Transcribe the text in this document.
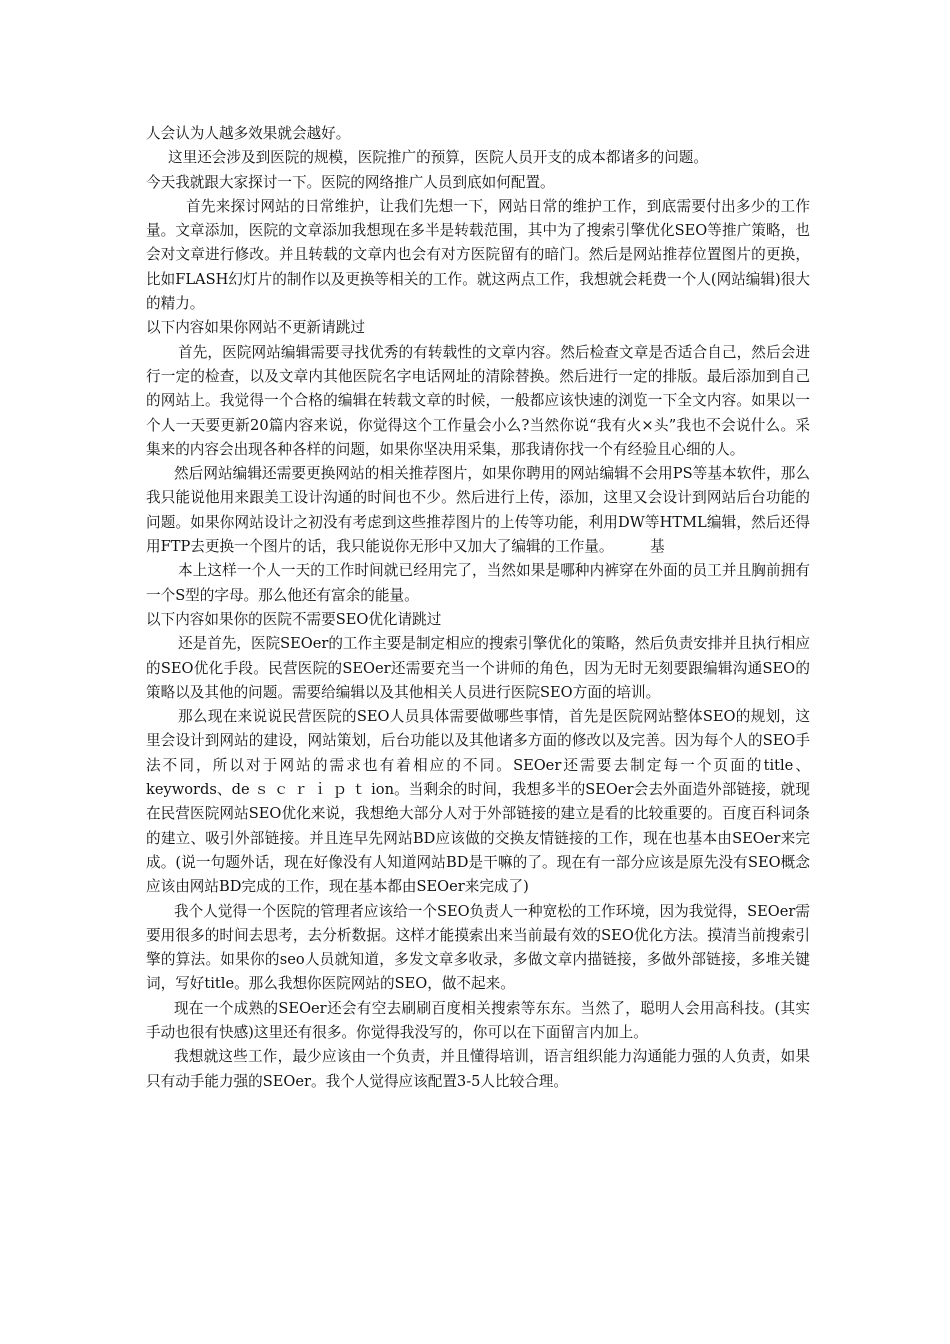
人会认为人越多效果就会越好。

这里还会涉及到医院的规模，医院推广的预算，医院人员开支的成本都诸多的问题。

今天我就跟大家探讨一下。医院的网络推广人员到底如何配置。

首先来探讨网站的日常维护，让我们先想一下，网站日常的维护工作，到底需要付出多少的工作量。文章添加，医院的文章添加我想现在多半是转载范围，其中为了搜索引擎优化SEO等推广策略，也会对文章进行修改。并且转载的文章内也会有对方医院留有的暗门。然后是网站推荐位置图片的更换，比如FLASH幻灯片的制作以及更换等相关的工作。就这两点工作，我想就会耗费一个人(网站编辑)很大的精力。

以下内容如果你网站不更新请跳过

首先，医院网站编辑需要寻找优秀的有转载性的文章内容。然后检查文章是否适合自己，然后会进行一定的检查，以及文章内其他医院名字电话网址的清除替换。然后进行一定的排版。最后添加到自己的网站上。我觉得一个合格的编辑在转载文章的时候，一般都应该快速的浏览一下全文内容。如果以一个人一天要更新20篇内容来说，你觉得这个工作量会小么?当然你说“我有火×头”我也不会说什么。采集来的内容会出现各种各样的问题，如果你坚决用采集，那我请你找一个有经验且心细的人。

然后网站编辑还需要更换网站的相关推荐图片，如果你聘用的网站编辑不会用PS等基本软件，那么我只能说他用来跟美工设计沟通的时间也不少。然后进行上传，添加，这里又会设计到网站后台功能的问题。如果你网站设计之初没有考虑到这些推荐图片的上传等功能，利用DW等HTML编辑，然后还得用FTP去更换一个图片的话，我只能说你无形中又加大了编辑的工作量。　　　基

本上这样一个人一天的工作时间就已经用完了，当然如果是哪种内裤穿在外面的员工并且胸前拥有一个S型的字母。那么他还有富余的能量。

以下内容如果你的医院不需要SEO优化请跳过

还是首先，医院SEOer的工作主要是制定相应的搜索引擎优化的策略，然后负责安排并且执行相应的SEO优化手段。民营医院的SEOer还需要充当一个讲师的角色，因为无时无刻要跟编辑沟通SEO的策略以及其他的问题。需要给编辑以及其他相关人员进行医院SEO方面的培训。

那么现在来说说民营医院的SEO人员具体需要做哪些事情，首先是医院网站整体SEO的规划，这里会设计到网站的建设，网站策划，后台功能以及其他诸多方面的修改以及完善。因为每个人的SEO手法不同，所以对于网站的需求也有着相应的不同。SEOer还需要去制定每一个页面的title、keywords、de ｓ ｃ ｒ ｉ ｐ ｔ ion。当剩余的时间，我想多半的SEOer会去外面造外部链接，就现在民营医院网站SEO优化来说，我想绝大部分人对于外部链接的建立是看的比较重要的。百度百科词条的建立、吸引外部链接。并且连早先网站BD应该做的交换友情链接的工作，现在也基本由SEOer来完成。(说一句题外话，现在好像没有人知道网站BD是干嘛的了。现在有一部分应该是原先没有SEO概念应该由网站BD完成的工作，现在基本都由SEOer来完成了)

我个人觉得一个医院的管理者应该给一个SEO负责人一种宽松的工作环境，因为我觉得，SEOer需要用很多的时间去思考，去分析数据。这样才能摸索出来当前最有效的SEO优化方法。摸清当前搜索引擎的算法。如果你的seo人员就知道，多发文章多收录，多做文章内描链接，多做外部链接，多堆关键词，写好title。那么我想你医院网站的SEO，做不起来。

现在一个成熟的SEOer还会有空去刷刷百度相关搜索等东东。当然了，聪明人会用高科技。(其实手动也很有快感)这里还有很多。你觉得我没写的，你可以在下面留言内加上。

我想就这些工作，最少应该由一个负责，并且懂得培训，语言组织能力沟通能力强的人负责，如果只有动手能力强的SEOer。我个人觉得应该配置3-5人比较合理。
